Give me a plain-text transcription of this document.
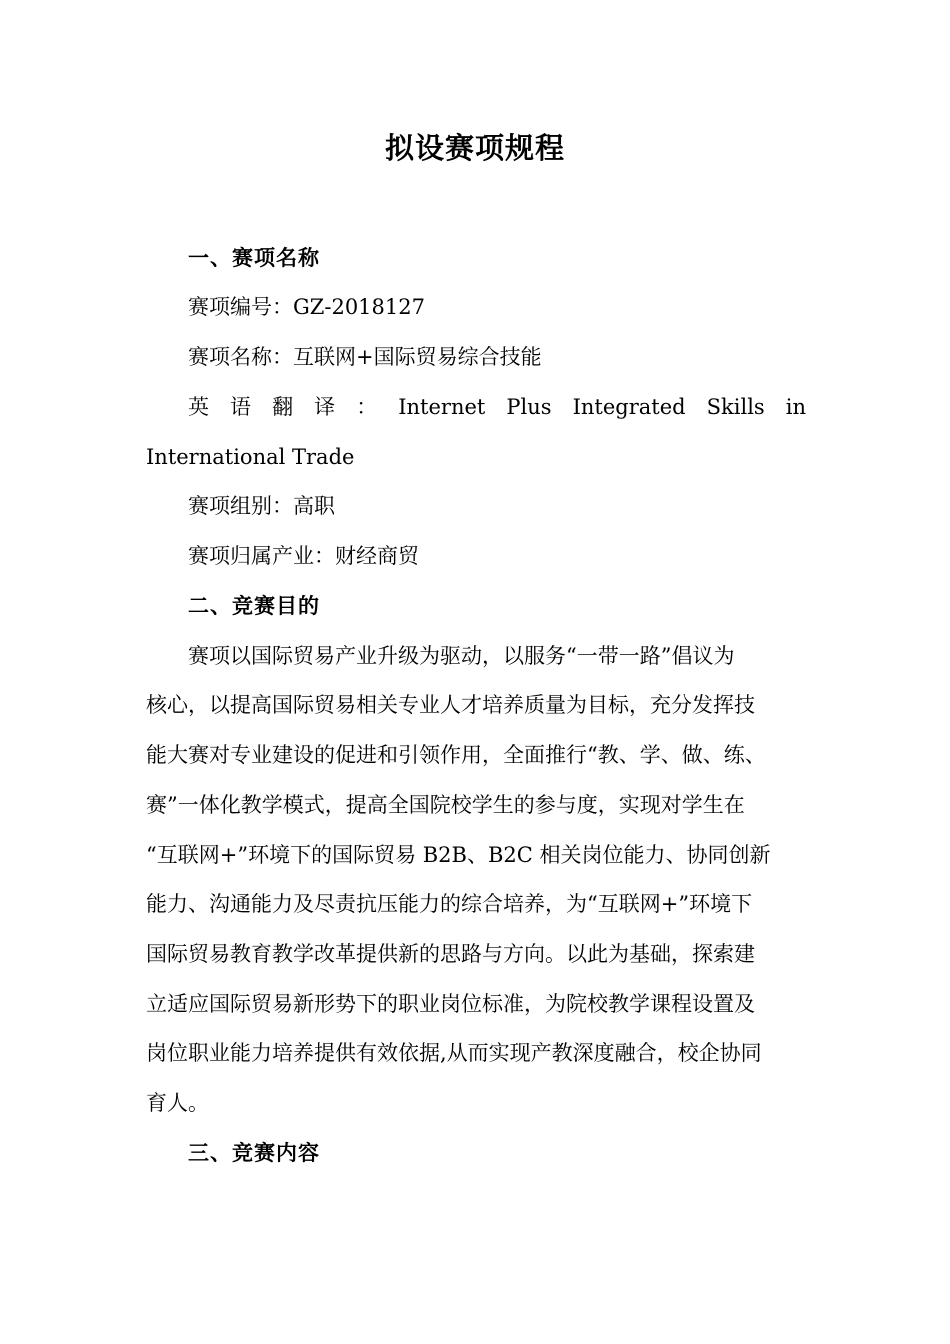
拟设赛项规程
一、赛项名称
赛项编号：GZ-2018127
赛项名称：互联网+国际贸易综合技能
英 语 翻 译 ： Internet Plus Integrated Skills in
International Trade
赛项组别：高职
赛项归属产业：财经商贸
二、竞赛目的
赛项以国际贸易产业升级为驱动，以服务“一带一路”倡议为
核心，以提高国际贸易相关专业人才培养质量为目标，充分发挥技
能大赛对专业建设的促进和引领作用，全面推行“教、学、做、练、
赛”一体化教学模式，提高全国院校学生的参与度，实现对学生在
“互联网+”环境下的国际贸易 B2B、B2C 相关岗位能力、协同创新
能力、沟通能力及尽责抗压能力的综合培养，为“互联网+”环境下
国际贸易教育教学改革提供新的思路与方向。以此为基础，探索建
立适应国际贸易新形势下的职业岗位标准，为院校教学课程设置及
岗位职业能力培养提供有效依据,从而实现产教深度融合，校企协同
育人。
三、竞赛内容
